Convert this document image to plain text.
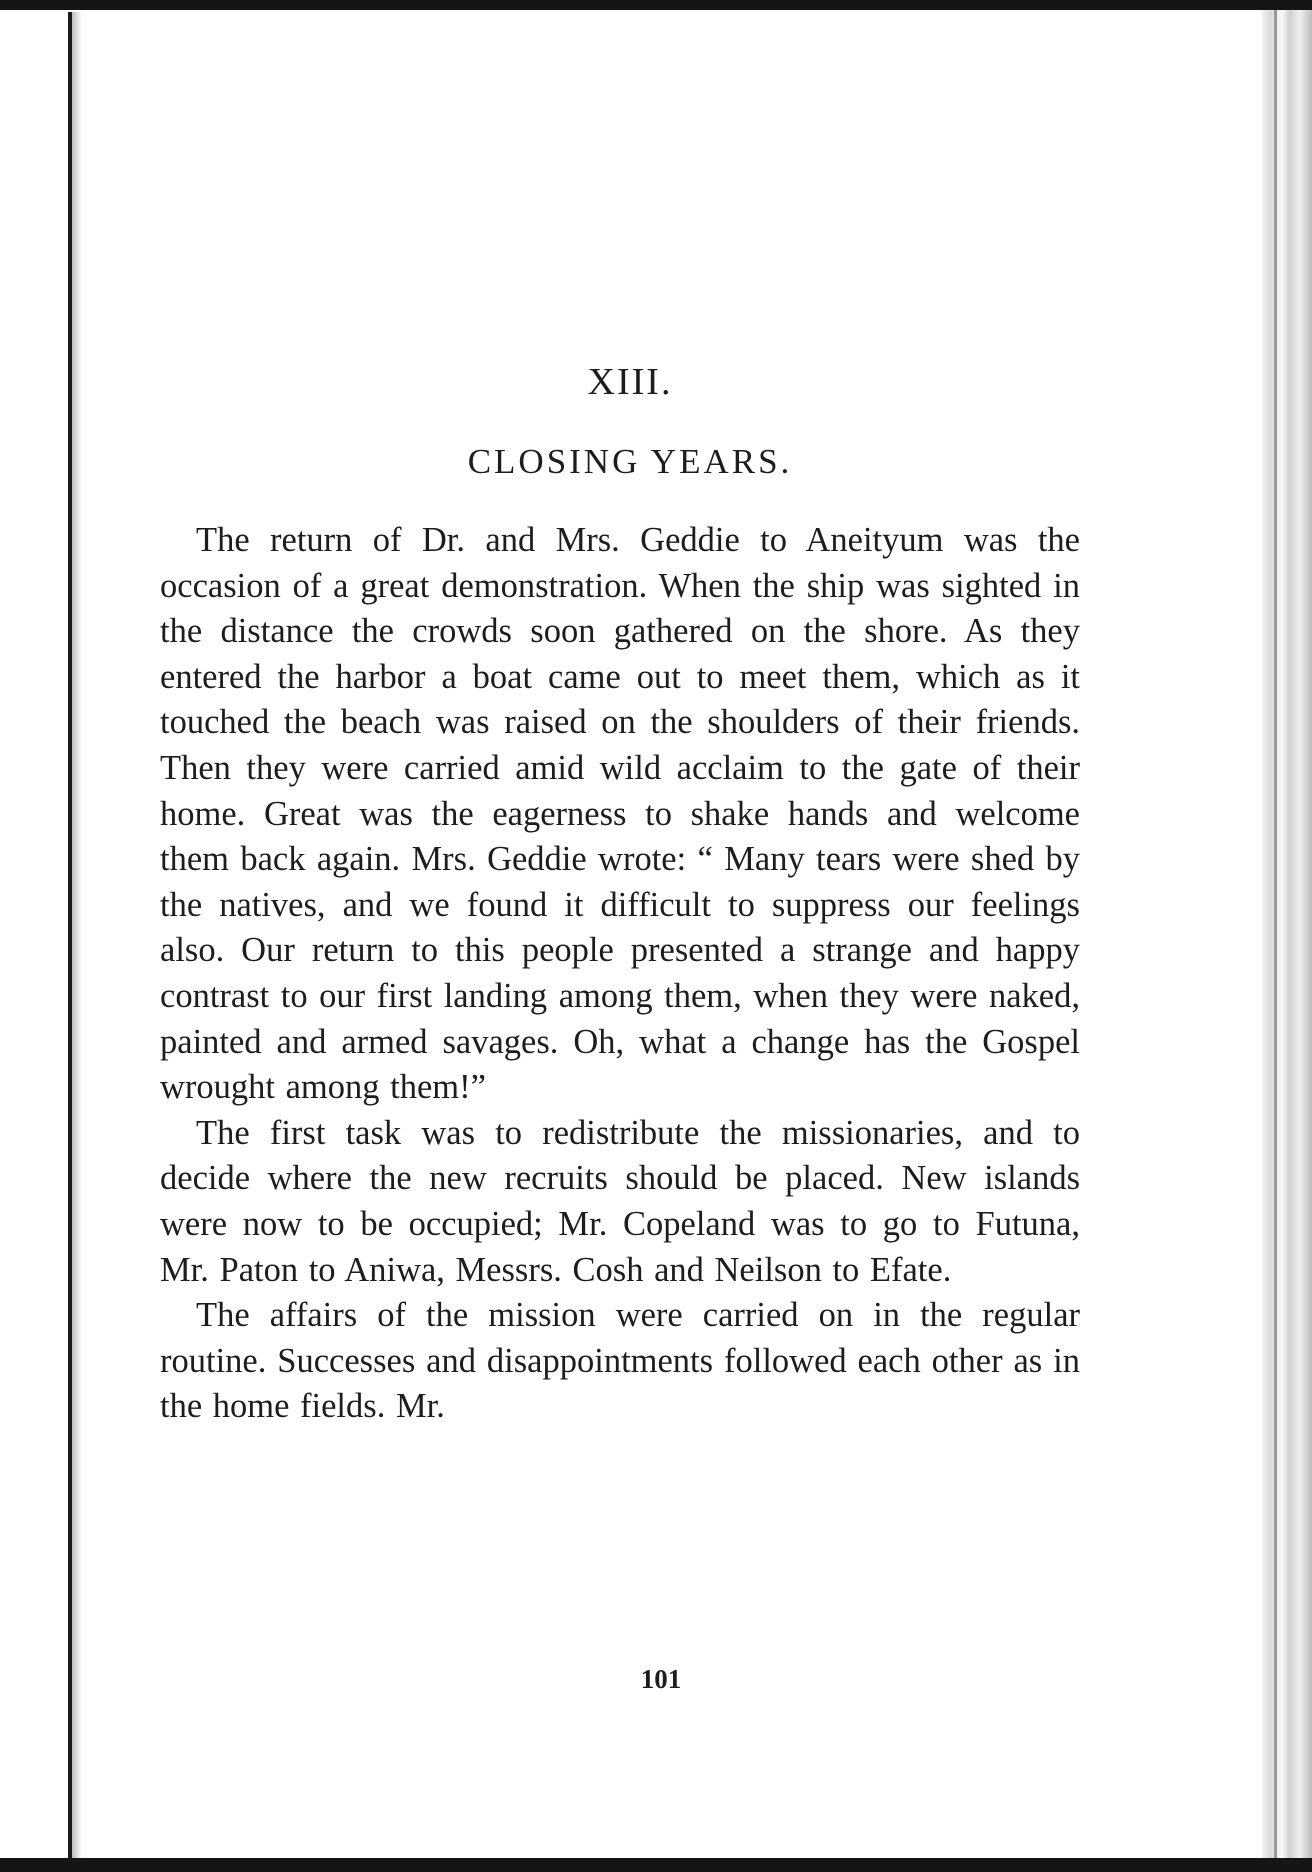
XIII.
CLOSING YEARS.

The return of Dr. and Mrs. Geddie to Aneityum was the occasion of a great demonstration. When the ship was sighted in the distance the crowds soon gathered on the shore. As they entered the harbor a boat came out to meet them, which as it touched the beach was raised on the shoulders of their friends. Then they were carried amid wild acclaim to the gate of their home. Great was the eagerness to shake hands and welcome them back again. Mrs. Geddie wrote: “ Many tears were shed by the natives, and we found it difficult to suppress our feelings also. Our return to this people presented a strange and happy contrast to our first landing among them, when they were naked, painted and armed savages. Oh, what a change has the Gospel wrought among them!”

The first task was to redistribute the missionaries, and to decide where the new recruits should be placed. New islands were now to be occupied; Mr. Copeland was to go to Futuna, Mr. Paton to Aniwa, Messrs. Cosh and Neilson to Efate.

The affairs of the mission were carried on in the regular routine. Successes and disappointments followed each other as in the home fields. Mr.

101
